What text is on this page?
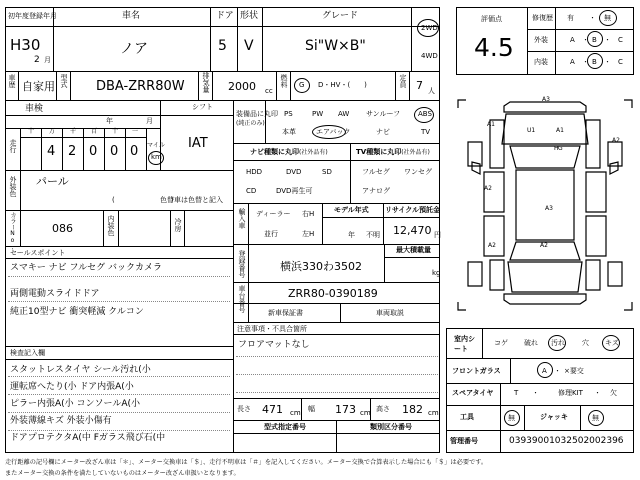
初年度登録年月	車名	ドア 形状	グレード
H30
2 月
ノア	5 V	Si"W×B"
2WD
4WD
車歴 自家用 型式 DBA-ZRR80W 排気量 2000 cc
燃料 G D・HV・(　　)	定員 7 人
車検
年	月
シフト
IAT
走行
十 万 千 百 十 一
4 2 0 0 0 マイル
km
外装色 パール
(　　　　　　　　)
色替車は色替と記入
カラーNo.	086	内装色	冷房
セールスポイント
スマキー ナビ フルセグ バックカメラ
両側電動スライドドア
純正10型ナビ 衝突軽減 クルコン
検査記入欄
スタットレスタイヤ シール汚れ(小
運転席へたり(小 ドア内張A(小
ピラー内張A(小 コンソールA(小
外装薄線キズ 外装小傷有
ドアプロテクタA(中 Fガラス飛び石(中
装備品に丸印
(純正のみ)
PS	PW AW サンルーフ	ABS
本革	エアバック	ナビ	TV
ナビ種類に丸印(社外品有)	TV種類に丸印(社外品有)
HDD	DVD	SD
CD	DVD再生可
フルセグ ワンセグ
アナログ
輸入車 ディーラー
並行
右H
左H
モデル年式
年 不明
リサイクル預託金
12,470 円
登録番号	横浜330わ3502
最大積載量
kg
車台番号	ZRR80-0390189
新車保証書	車両取説
注意事項・不具合箇所
フロアマットなし
長さ 471 cm 幅 173 cm 高さ 182 cm
型式指定番号	類別区分番号
評価点
4.5
修復歴
外装
内装
有 ・ 無
A ・ B ・ C
A ・ B ・ C
A3
U1	A1
H G
A2
A3
A1
A2
A2	A2
室内シート
コゲ 破れ 汚れ 穴 キズ
フロントガラス	A ・ ×要交
スペアタイヤ	T ・	修理KIT ・ 欠
工具	無	ジャッキ	無
管理番号	03939001032502002396
走行距離の記号欄にメーター改ざん車は「＊」、メーター交換車は「＄」、走行不明車は「＃」を記入してください。メーター交換で合算表示した場合にも「＄」は必要です。
またメーター交換の条件を満たしていないものはメーター改ざん車扱いとなります。
